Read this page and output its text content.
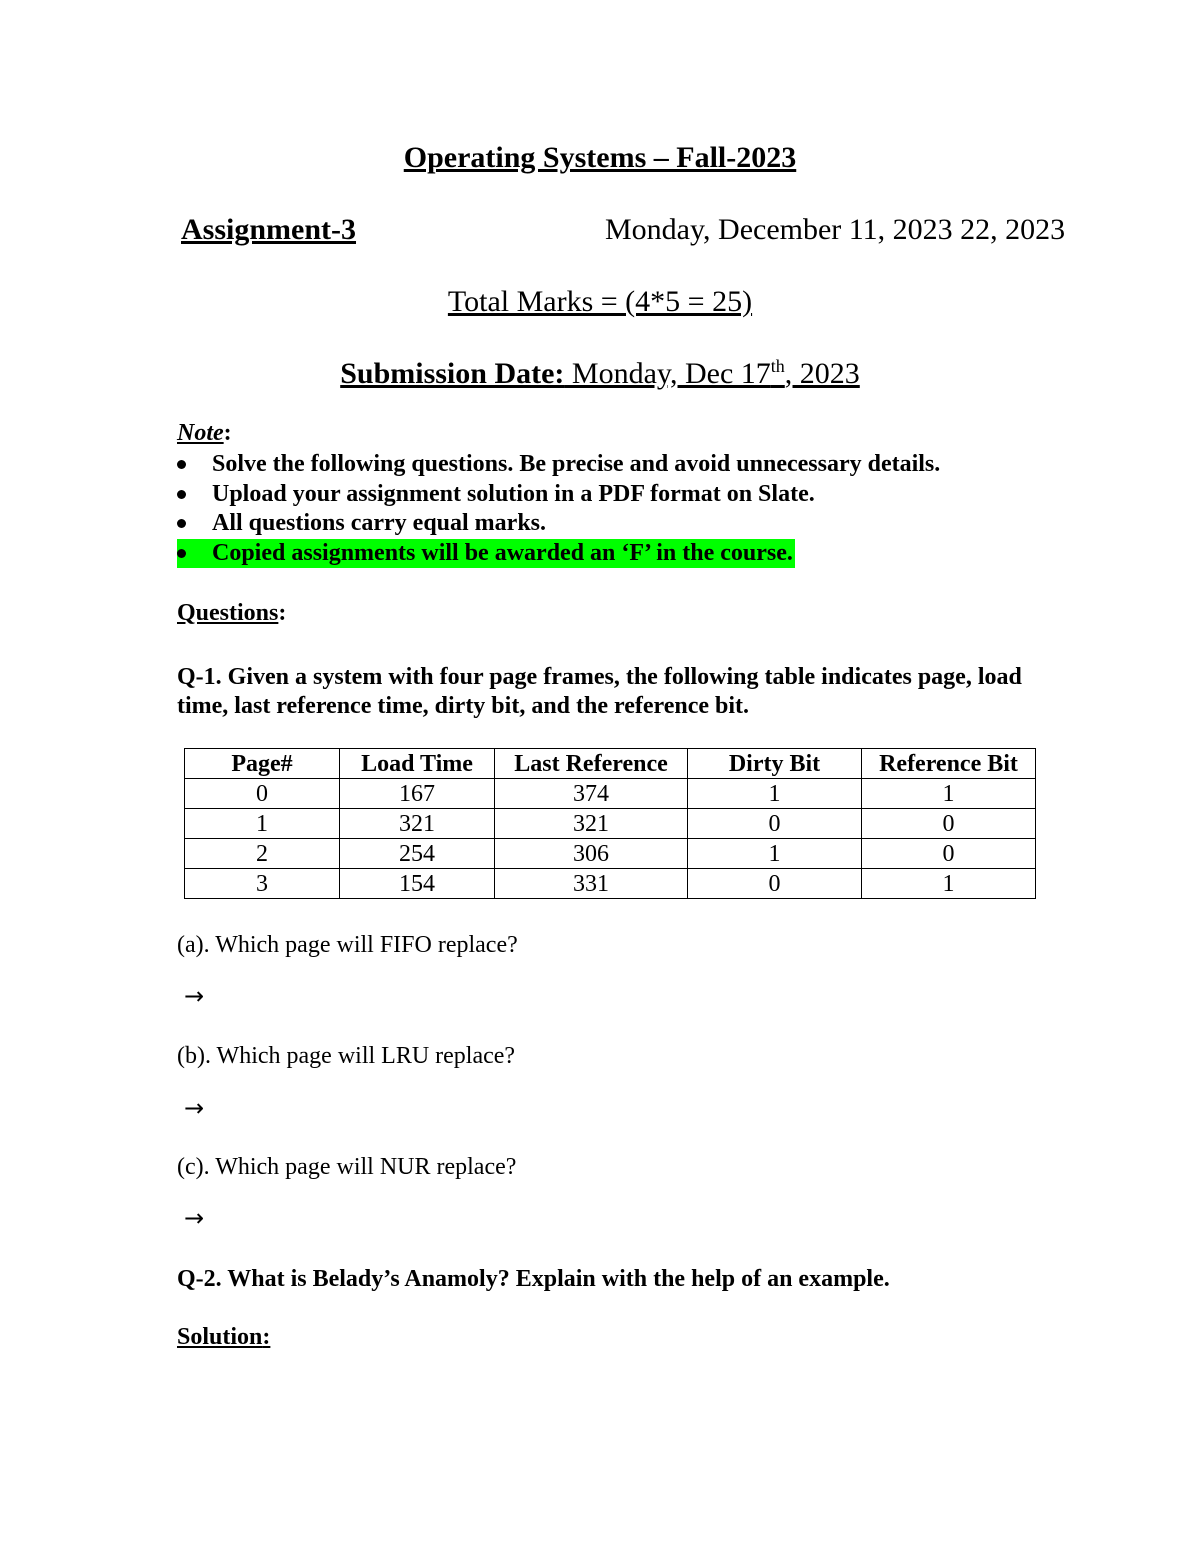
Operating Systems – Fall-2023
Assignment-3	Monday, December 11, 2023 22, 2023
Total Marks = (4*5 = 25)
Submission Date: Monday, Dec 17th, 2023
Note:
Solve the following questions. Be precise and avoid unnecessary details.
Upload your assignment solution in a PDF format on Slate.
All questions carry equal marks.
Copied assignments will be awarded an ‘F’ in the course.
Questions:
Q-1. Given a system with four page frames, the following table indicates page, load time, last reference time, dirty bit, and the reference bit.
Page#	Load Time	Last Reference	Dirty Bit	Reference Bit
0	167	374	1	1
1	321	321	0	0
2	254	306	1	0
3	154	331	0	1
(a). Which page will FIFO replace?
→
(b). Which page will LRU replace?
→
(c). Which page will NUR replace?
→
Q-2. What is Belady’s Anamoly? Explain with the help of an example.
Solution:
